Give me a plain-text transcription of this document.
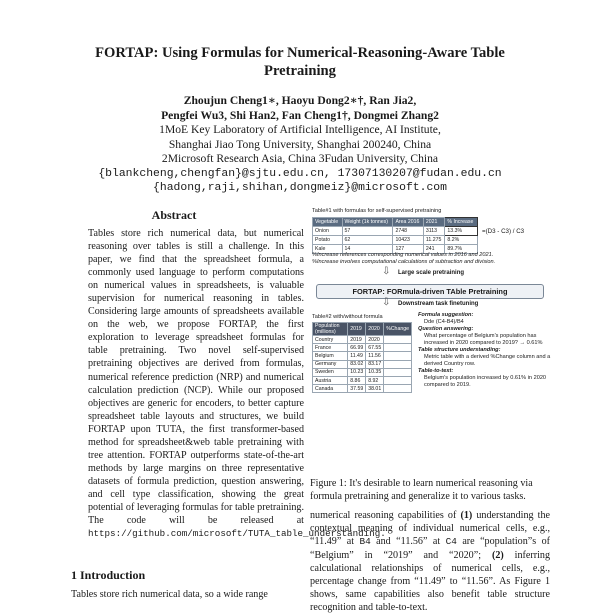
FORTAP: Using Formulas for Numerical-Reasoning-Aware Table Pretraining
Zhoujun Cheng1∗, Haoyu Dong2∗†, Ran Jia2,
Pengfei Wu3, Shi Han2, Fan Cheng1†, Dongmei Zhang2
1MoE Key Laboratory of Artificial Intelligence, AI Institute,
Shanghai Jiao Tong University, Shanghai 200240, China
2Microsoft Research Asia, China 3Fudan University, China
{blankcheng,chengfan}@sjtu.edu.cn, 17307130207@fudan.edu.cn
{hadong,raji,shihan,dongmeiz}@microsoft.com
Abstract
Tables store rich numerical data, but numerical reasoning over tables is still a challenge. In this paper, we find that the spreadsheet formula, a commonly used language to perform computations on numerical values in spreadsheets, is valuable supervision for numerical reasoning in tables. Considering large amounts of spreadsheets available on the web, we propose FORTAP, the first exploration to leverage spreadsheet formulas for table pretraining. Two novel self-supervised pretraining objectives are derived from formulas, numerical reference prediction (NRP) and numerical calculation prediction (NCP). While our proposed objectives are generic for encoders, to better capture spreadsheet table layouts and structures, we build FORTAP upon TUTA, the first transformer-based method for spreadsheet&web table pretraining with tree attention. FORTAP outperforms state-of-the-art methods by large margins on three representative datasets of formula prediction, question answering, and cell type classification, showing the great potential of leveraging formulas for table pretraining. The code will be released at https://github.com/microsoft/TUTA_table_understanding.
1 Introduction
Tables store rich numerical data, so a wide range
Table#1 with formulas for self-supervised pretraining
Vegetable	Weight (1k tonnes)	Area 2016	2021	% Increase
Onion	57	2748	3113	13.3%
Potato	62	10423	11.275	8.2%
Kale	14	127	241	89.7%
=(D3 - C3) / C3
%Increase references corresponding numerical values in 2016 and 2021.
%Increase involves computational calculations of subtraction and division.
⇩ Large scale pretraining
FORTAP: FORmula-driven TAble Pretraining
⇩ Downstream task finetuning
Table#2 with/without formula
Population (millions)	2019	2020	%Change
Country	2019	2020	
France	66.99	67.55	
Belgium	11.49	11.56	
Germany	83.02	83.17	
Sweden	10.23	10.35	
Austria	8.86	8.92	
Canada	37.59	38.01	
Formula suggestion:
Dde (C4-B4)/B4
Question answering:
What percentage of Belgium's population has increased in 2020 compared to 2019? → 0.61%
Table structure understanding:
Metric table with a derived %Change column and a derived Country row.
Table-to-text:
Belgium's population increased by 0.61% in 2020 compared to 2019.
Figure 1: It's desirable to learn numerical reasoning via formula pretraining and generalize it to various tasks.
numerical reasoning capabilities of (1) understanding the contextual meaning of individual numerical cells, e.g., “11.49” at B4 and “11.56” at C4 are “population”s of “Belgium” in “2019” and “2020”; (2) inferring calculational relationships of numerical cells, e.g., percentage change from “11.49” to “11.56”. As Figure 1 shows, same capabilities also benefit table structure recognition and table-to-text.
